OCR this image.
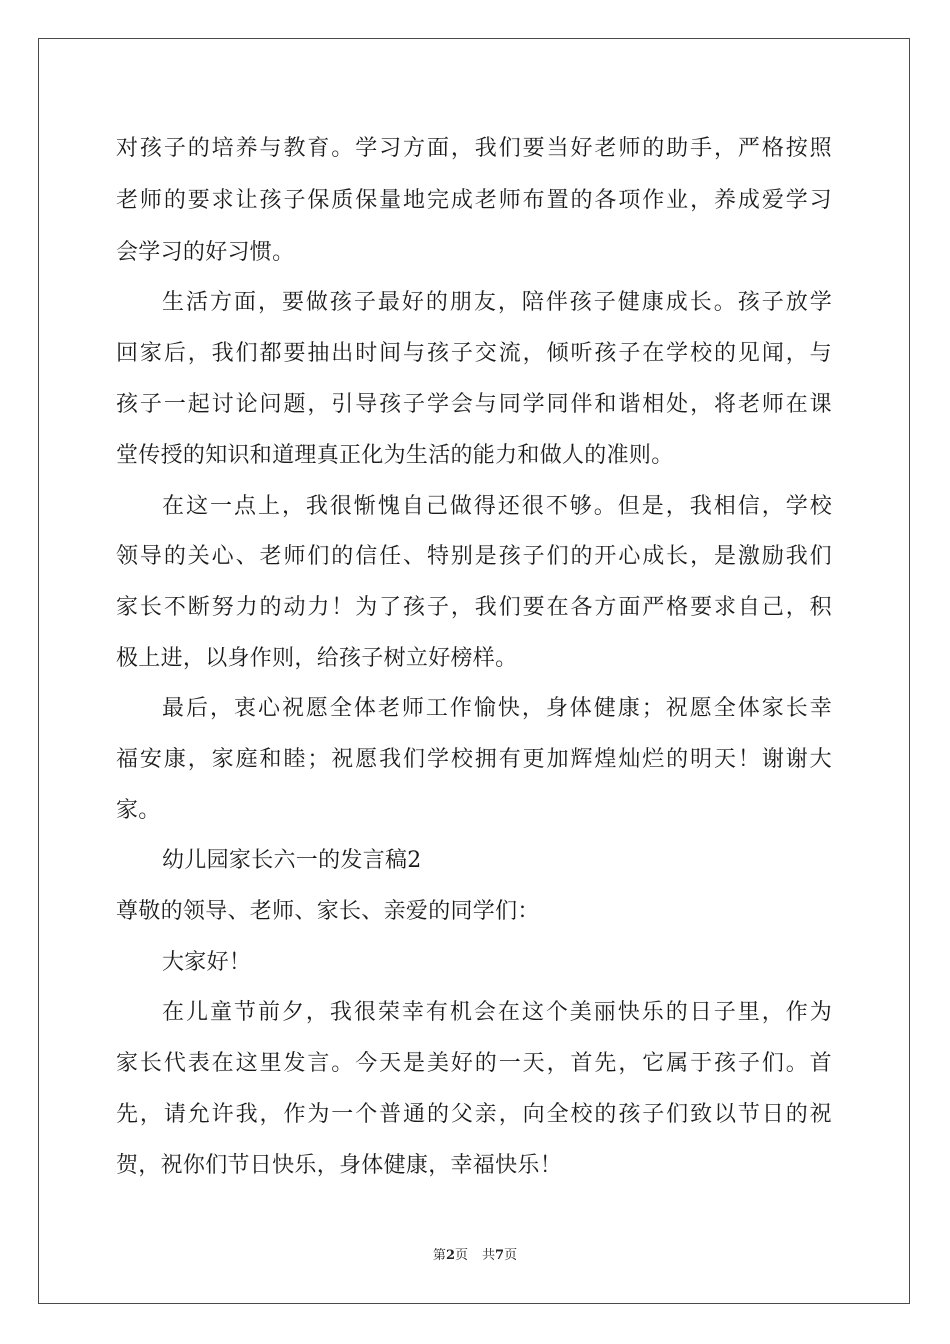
对孩子的培养与教育。学习方面，我们要当好老师的助手，严格按照
老师的要求让孩子保质保量地完成老师布置的各项作业，养成爱学习
会学习的好习惯。
生活方面，要做孩子最好的朋友，陪伴孩子健康成长。孩子放学
回家后，我们都要抽出时间与孩子交流，倾听孩子在学校的见闻，与
孩子一起讨论问题，引导孩子学会与同学同伴和谐相处，将老师在课
堂传授的知识和道理真正化为生活的能力和做人的准则。
在这一点上，我很惭愧自己做得还很不够。但是，我相信，学校
领导的关心、老师们的信任、特别是孩子们的开心成长，是激励我们
家长不断努力的动力！为了孩子，我们要在各方面严格要求自己，积
极上进，以身作则，给孩子树立好榜样。
最后，衷心祝愿全体老师工作愉快，身体健康；祝愿全体家长幸
福安康，家庭和睦；祝愿我们学校拥有更加辉煌灿烂的明天！谢谢大
家。
幼儿园家长六一的发言稿2
尊敬的领导、老师、家长、亲爱的同学们：
大家好！
在儿童节前夕，我很荣幸有机会在这个美丽快乐的日子里，作为
家长代表在这里发言。今天是美好的一天，首先，它属于孩子们。首
先，请允许我，作为一个普通的父亲，向全校的孩子们致以节日的祝
贺，祝你们节日快乐，身体健康，幸福快乐！
第2页 共7页
